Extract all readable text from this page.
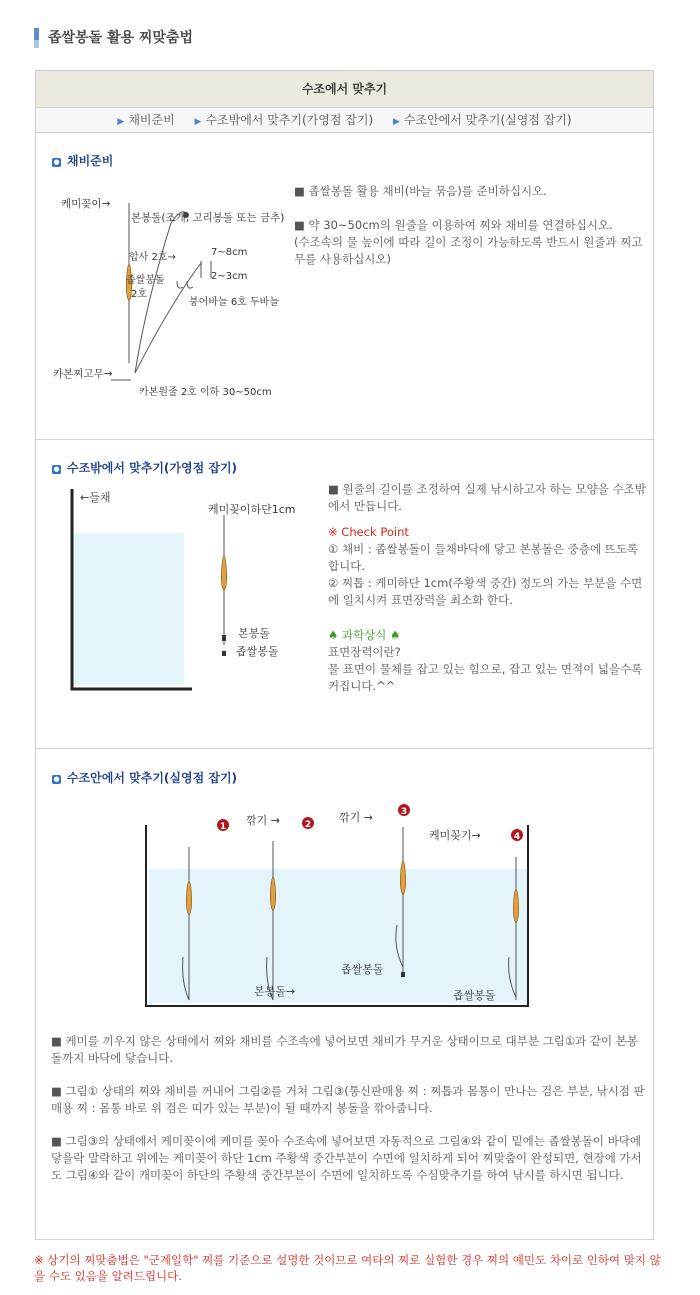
좁쌀봉돌 활용 찌맞춤법
수조에서 맞추기
▶ 채비준비 ▶ 수조밖에서 맞추기(가영점 잡기) ▶ 수조안에서 맞추기(실영점 잡기)
● 채비준비
케미꽂이→
본봉돌(조개, 고리봉돌 또는 금추)
합사 2호→	7~8cm
좁쌀봉돌
2호
2~3cm
붕어바늘 6호 두바늘
카본찌고무→
카본원줄 2호 이하 30~50cm
■ 좁쌀봉돌 활용 채비(바늘 묶음)를 준비하십시오.
■ 약 30~50cm의 원줄을 이용하여 찌와 채비를 연결하십시오.
(수조속의 물 높이에 따라 길이 조정이 가능하도록 반드시 원줄과 찌고무를 사용하십시오)
● 수조밖에서 맞추기(가영점 잡기)
←들채
케미꽂이하단1cm
본봉돌
좁쌀봉돌
■ 원줄의 길이를 조정하여 실제 낚시하고자 하는 모양을 수조밖에서 만듭니다.
※ Check Point
① 채비 : 좁쌀봉돌이 들채바닥에 닿고 본봉돌은 중층에 뜨도록 합니다.
② 찌톱 : 케미하단 1cm(주황색 중간) 정도의 가는 부분을 수면에 일치시켜 표면장력을 최소화 한다.
♠ 과학상식 ♠
표면장력이란?
물 표면이 물체를 잡고 있는 힘으로, 잡고 있는 면적이 넓을수록 커집니다.^^
● 수조안에서 맞추기(실영점 잡기)
1	2
3
4
깎기 →	깎기 →
케미꽂기→
본봉돌→
좁쌀봉돌
좁쌀봉돌
■ 케미를 끼우지 않은 상태에서 찌와 채비를 수조속에 넣어보면 채비가 무거운 상태이므로 대부분 그림①과 같이 본봉돌까지 바닥에 닿습니다.
■ 그림① 상태의 찌와 채비를 꺼내어 그림②를 거쳐 그림③(통신판매용 찌 : 찌톱과 몸통이 만나는 검은 부분, 낚시점 판매용 찌 : 몸통 바로 위 검은 띠가 있는 부분)이 될 때까지 봉돌을 깎아줍니다.
■ 그림③의 상태에서 케미꽂이에 케미를 꽂아 수조속에 넣어보면 자동적으로 그림④와 같이 밑에는 좁쌀봉돌이 바닥에 닿을락 말락하고 위에는 케미꽂이 하단 1cm 주황색 중간부분이 수면에 일치하게 되어 찌맞춤이 완성되면, 현장에 가서도 그림④와 같이 캐미꽂이 하단의 주황색 중간부분이 수면에 일치하도록 수심맞추기를 하여 낚시를 하시면 됩니다.
※ 상기의 찌맞춤법은 "군계일학" 찌를 기준으로 설명한 것이므로 여타의 찌로 실험한 경우 찌의 예민도 차이로 인하여 맞지 않을 수도 있음을 알려드립니다.
